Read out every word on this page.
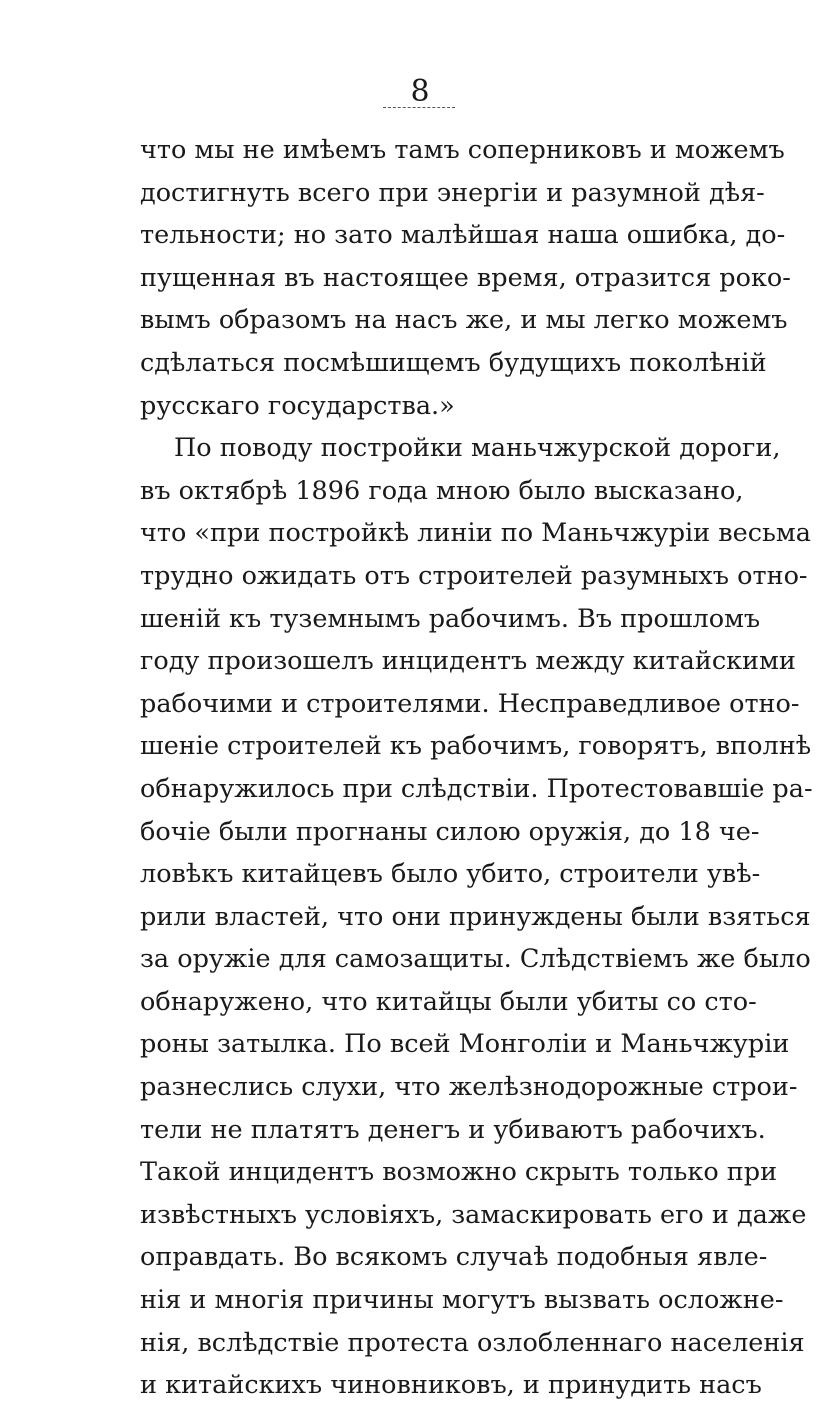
8
что мы не имѣемъ тамъ соперниковъ и можемъ
достигнуть всего при энергіи и разумной дѣя-
тельности; но зато малѣйшая наша ошибка, до-
пущенная въ настоящее время, отразится роко-
вымъ образомъ на насъ же, и мы легко можемъ
сдѣлаться посмѣшищемъ будущихъ поколѣній
русскаго государства.»
По поводу постройки маньчжурской дороги,
въ октябрѣ 1896 года мною было высказано,
что «при постройкѣ линіи по Маньчжуріи весьма
трудно ожидать отъ строителей разумныхъ отно-
шеній къ туземнымъ рабочимъ. Въ прошломъ
году произошелъ инцидентъ между китайскими
рабочими и строителями. Несправедливое отно-
шеніе строителей къ рабочимъ, говорятъ, вполнѣ
обнаружилось при слѣдствіи. Протестовавшіе ра-
бочіе были прогнаны силою оружія, до 18 че-
ловѣкъ китайцевъ было убито, строители увѣ-
рили властей, что они принуждены были взяться
за оружіе для самозащиты. Слѣдствіемъ же было
обнаружено, что китайцы были убиты со сто-
роны затылка. По всей Монголіи и Маньчжуріи
разнеслись слухи, что желѣзнодорожные строи-
тели не платятъ денегъ и убиваютъ рабочихъ.
Такой инцидентъ возможно скрыть только при
извѣстныхъ условіяхъ, замаскировать его и даже
оправдать. Во всякомъ случаѣ подобныя явле-
нія и многія причины могутъ вызвать осложне-
нія, вслѣдствіе протеста озлобленнаго населенія
и китайскихъ чиновниковъ, и принудить насъ
